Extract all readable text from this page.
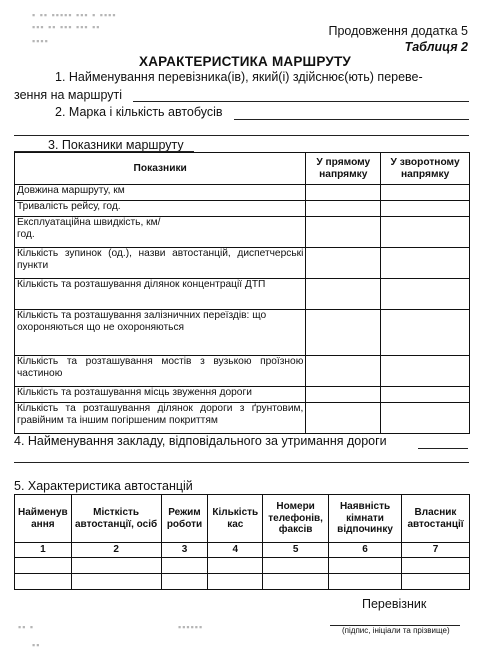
▪ ▪▪ ▪▪▪▪▪ ▪▪▪ ▪ ▪▪▪▪
▪▪▪ ▪▪ ▪▪▪ ▪▪▪ ▪▪
▪▪▪▪
Продовження додатка 5
Таблиця 2
ХАРАКТЕРИСТИКА МАРШРУТУ
1. Найменування перевізника(ів), який(і) здійснює(ють) переве-
зення на маршруті
2. Марка і кількість автобусів
3. Показники маршруту
Показники	У прямому напрямку	У зворотному напрямку
Довжина маршруту, км		
Тривалість рейсу, год.		
Експлуатаційна швидкість, км/год.		
Кількість зупинок (од.), назви автостанцій, диспетчерські пункти		
Кількість та розташування ділянок концентрації ДТП		
Кількість та розташування залізничних переїздів: що охороняються що не охороняються		
Кількість та розташування мостів з вузькою проїзною частиною		
Кількість та розташування місць звуження дороги		
Кількість та розташування ділянок дороги з ґрунтовим, гравійним та іншим погіршеним покриттям		
4. Найменування закладу, відповідального за утримання дороги
5. Характеристика автостанцій
Найменування	Місткість автостанції, осіб	Режим роботи	Кількість кас	Номери телефонів, факсів	Наявність кімнати відпочинку	Власник автостанції
1	2	3	4	5	6	7

Перевізник
▪▪ ▪	▪▪▪▪▪▪	(підпис, ініціали та прізвище)
▪▪
